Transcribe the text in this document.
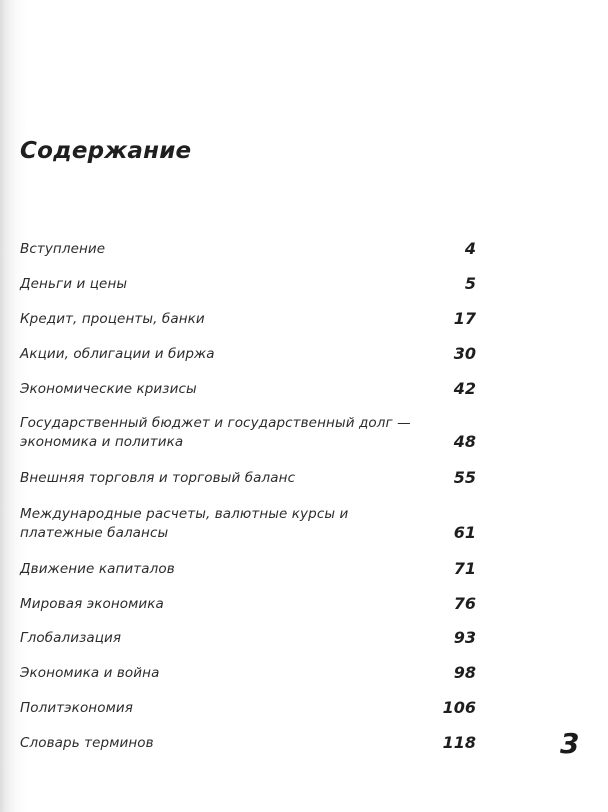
Содержание
Вступление	4
Деньги и цены	5
Кредит, проценты, банки	17
Акции, облигации и биржа	30
Экономические кризисы	42
Государственный бюджет и государственный долг — экономика и политика	48
Внешняя торговля и торговый баланс	55
Международные расчеты, валютные курсы и платежные балансы	61
Движение капиталов	71
Мировая экономика	76
Глобализация	93
Экономика и война	98
Политэкономия	106
Словарь терминов	118	3
